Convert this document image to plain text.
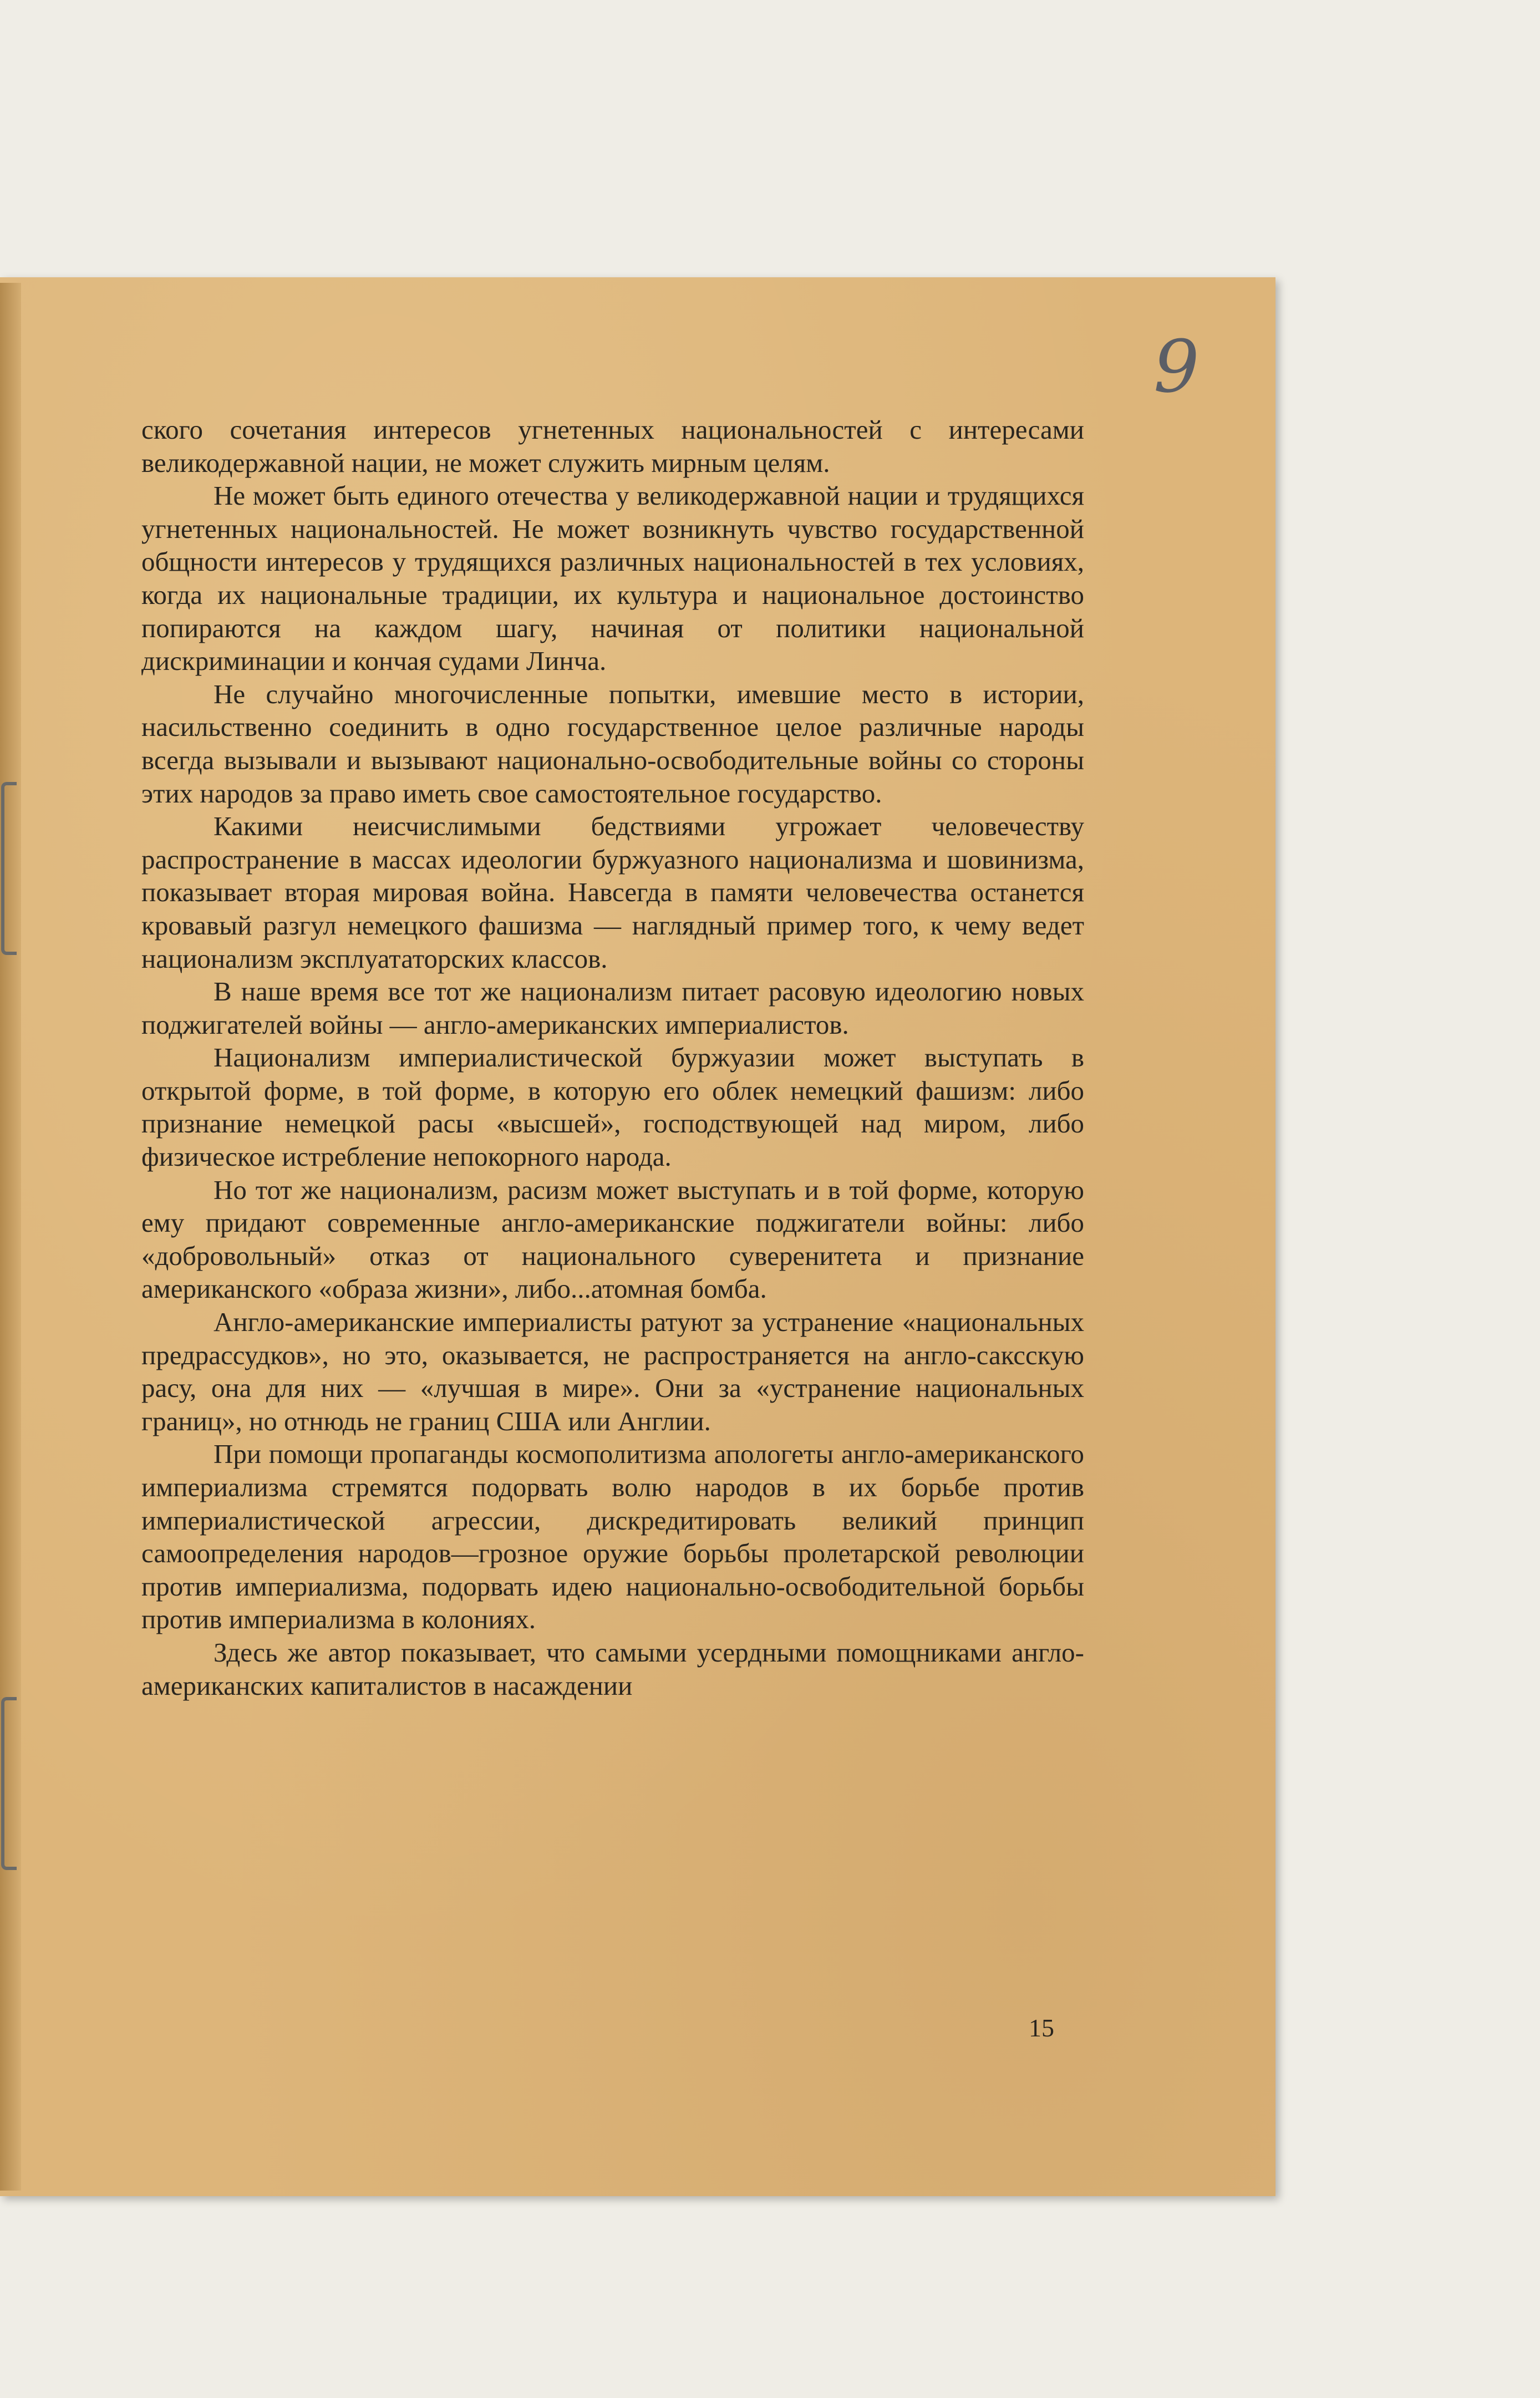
9

ского сочетания интересов угнетенных национальностей с интересами великодержавной нации, не может служить мирным целям.

Не может быть единого отечества у великодержавной нации и трудящихся угнетенных национальностей. Не может возникнуть чувство государственной общности интересов у трудящихся различных национальностей в тех условиях, когда их национальные традиции, их культура и национальное достоинство попираются на каждом шагу, начиная от политики национальной дискриминации и кончая судами Линча.

Не случайно многочисленные попытки, имевшие место в истории, насильственно соединить в одно государственное целое различные народы всегда вызывали и вызывают национально-освободительные войны со стороны этих народов за право иметь свое самостоятельное государство.

Какими неисчислимыми бедствиями угрожает человечеству распространение в массах идеологии буржуазного национализма и шовинизма, показывает вторая мировая война. Навсегда в памяти человечества останется кровавый разгул немецкого фашизма — наглядный пример того, к чему ведет национализм эксплуататорских классов.

В наше время все тот же национализм питает расовую идеологию новых поджигателей войны — англо-американских империалистов.

Национализм империалистической буржуазии может выступать в открытой форме, в той форме, в которую его облек немецкий фашизм: либо признание немецкой расы «высшей», господствующей над миром, либо физическое истребление непокорного народа.

Но тот же национализм, расизм может выступать и в той форме, которую ему придают современные англо-американские поджигатели войны: либо «добровольный» отказ от национального суверенитета и признание американского «образа жизни», либо...атомная бомба.

Англо-американские империалисты ратуют за устранение «национальных предрассудков», но это, оказывается, не распространяется на англо-саксскую расу, она для них — «лучшая в мире». Они за «устранение национальных границ», но отнюдь не границ США или Англии.

При помощи пропаганды космополитизма апологеты англо-американского империализма стремятся подорвать волю народов в их борьбе против империалистической агрессии, дискредитировать великий принцип самоопределения народов—грозное оружие борьбы пролетарской революции против империализма, подорвать идею национально-освободительной борьбы против империализма в колониях.

Здесь же автор показывает, что самыми усердными помощниками англо-американских капиталистов в насаждении

15
